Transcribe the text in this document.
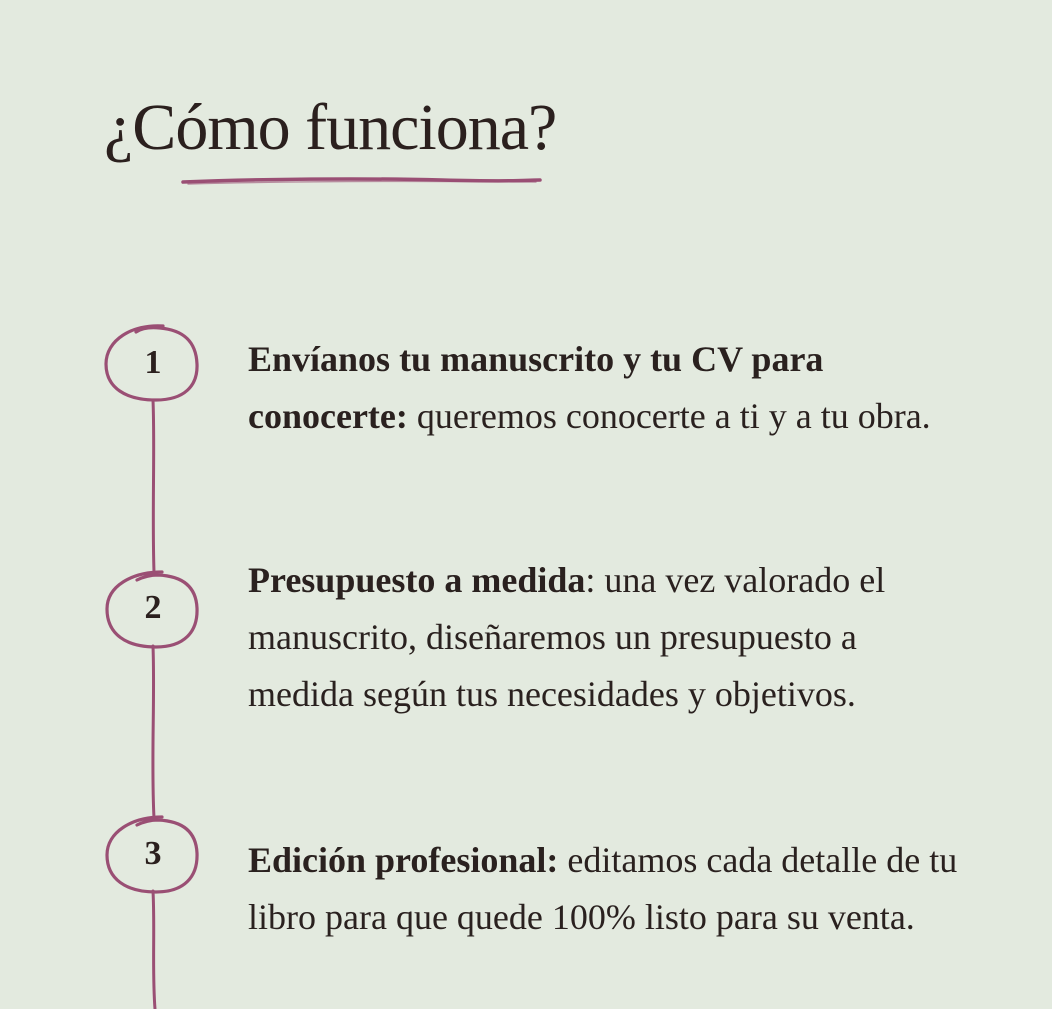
¿Cómo funciona?
1
2
3

Envíanos tu manuscrito y tu CV para conocerte: queremos conocerte a ti y a tu obra.

Presupuesto a medida: una vez valorado el manuscrito, diseñaremos un presupuesto a medida según tus necesidades y objetivos.

Edición profesional: editamos cada detalle de tu libro para que quede 100% listo para su venta.
